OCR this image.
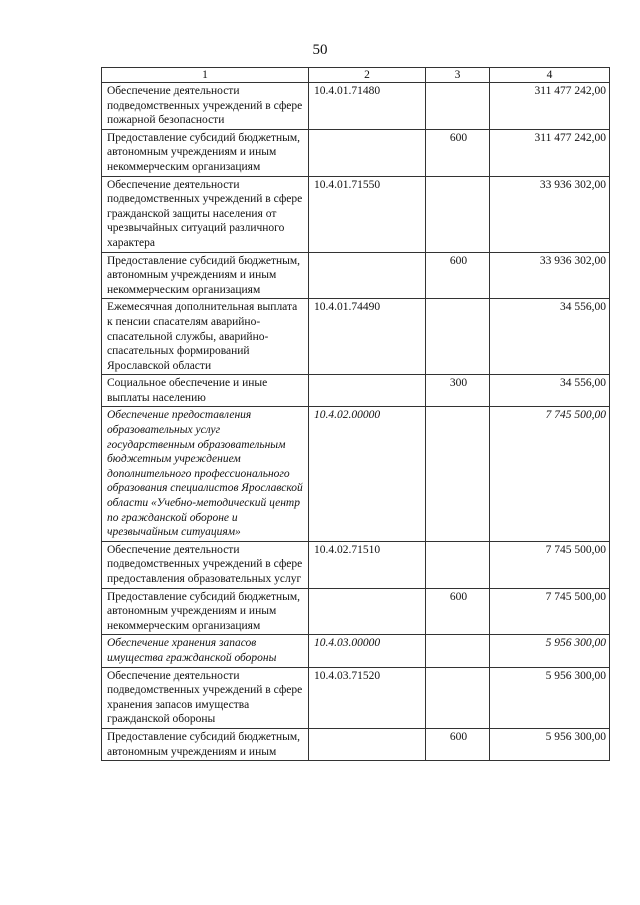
50
1	2	3	4
Обеспечение деятельности подведомственных учреждений в сфере пожарной безопасности	10.4.01.71480		311 477 242,00
Предоставление субсидий бюджетным, автономным учреждениям и иным некоммерческим организациям		600	311 477 242,00
Обеспечение деятельности подведомственных учреждений в сфере гражданской защиты населения от чрезвычайных ситуаций различного характера	10.4.01.71550		33 936 302,00
Предоставление субсидий бюджетным, автономным учреждениям и иным некоммерческим организациям		600	33 936 302,00
Ежемесячная дополнительная выплата к пенсии спасателям аварийно-спасательной службы, аварийно-спасательных формирований Ярославской области	10.4.01.74490		34 556,00
Социальное обеспечение и иные выплаты населению		300	34 556,00
Обеспечение предоставления образовательных услуг государственным образовательным бюджетным учреждением дополнительного профессионального образования специалистов Ярославской области «Учебно-методический центр по гражданской обороне и чрезвычайным ситуациям»	10.4.02.00000		7 745 500,00
Обеспечение деятельности подведомственных учреждений в сфере предоставления образовательных услуг	10.4.02.71510		7 745 500,00
Предоставление субсидий бюджетным, автономным учреждениям и иным некоммерческим организациям		600	7 745 500,00
Обеспечение хранения запасов имущества гражданской обороны	10.4.03.00000		5 956 300,00
Обеспечение деятельности подведомственных учреждений в сфере хранения запасов имущества гражданской обороны	10.4.03.71520		5 956 300,00
Предоставление субсидий бюджетным, автономным учреждениям и иным		600	5 956 300,00
